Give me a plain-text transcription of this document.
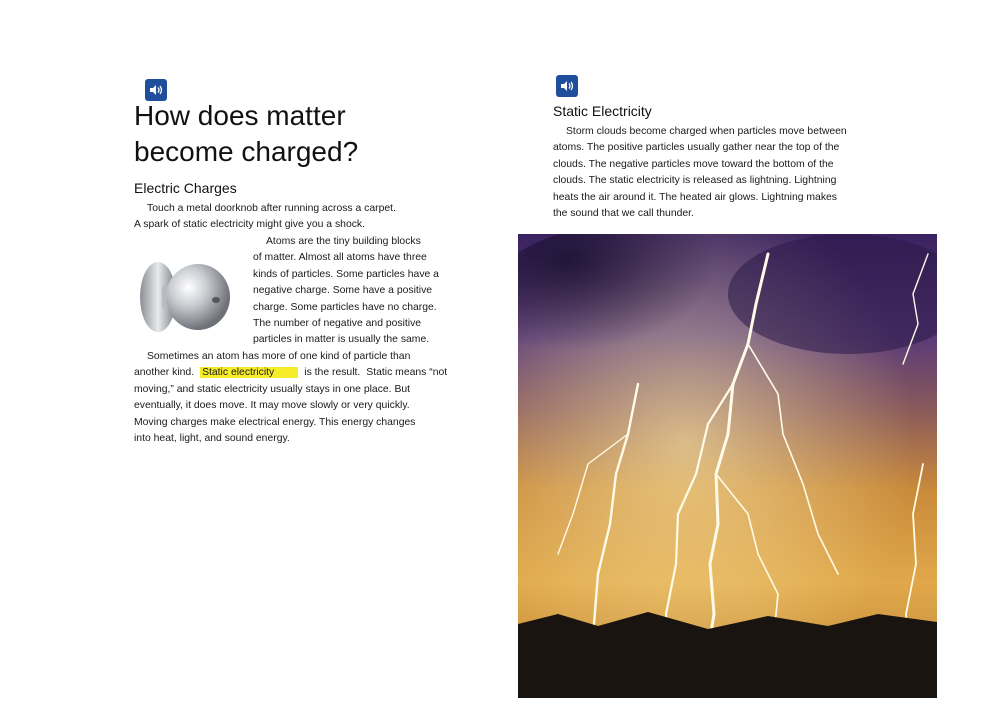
How does matter
become charged?
Electric Charges

Touch a metal doorknob after running across a carpet.
A spark of static electricity might give you a shock.

Atoms are the tiny building blocks
of matter. Almost all atoms have three
kinds of particles. Some particles have a
negative charge. Some have a positive
charge. Some particles have no charge.
The number of negative and positive
particles in matter is usually the same.

Sometimes an atom has more of one kind of particle than
another kind. Static electricity	is the result. Static means “not
moving,” and static electricity usually stays in one place. But
eventually, it does move. It may move slowly or very quickly.
Moving charges make electrical energy. This energy changes
into heat, light, and sound energy.

Static Electricity

Storm clouds become charged when particles move between
atoms. The positive particles usually gather near the top of the
clouds. The negative particles move toward the bottom of the
clouds. The static electricity is released as lightning. Lightning
heats the air around it. The heated air glows. Lightning makes
the sound that we call thunder.
